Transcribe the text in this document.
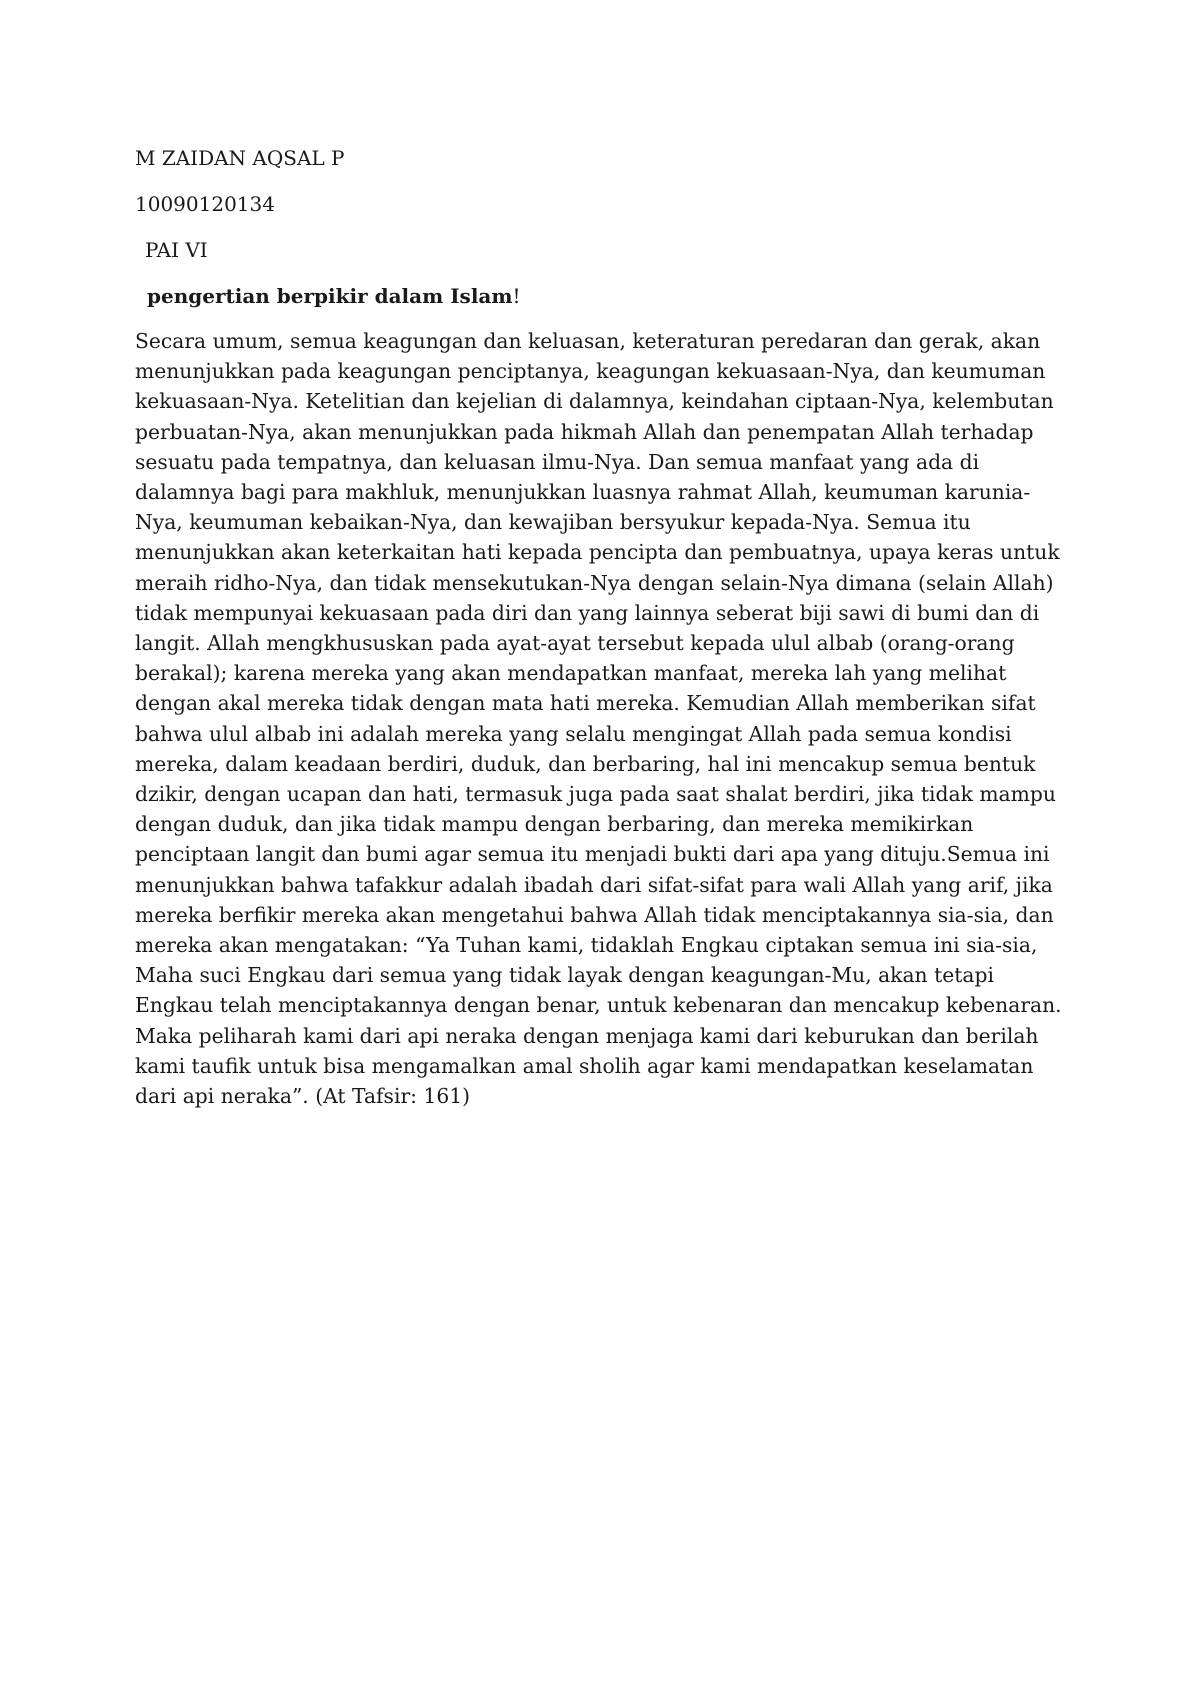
M ZAIDAN AQSAL P

10090120134

PAI VI

pengertian berpikir dalam Islam!

Secara umum, semua keagungan dan keluasan, keteraturan peredaran dan gerak, akan menunjukkan pada keagungan penciptanya, keagungan kekuasaan-Nya, dan keumuman kekuasaan-Nya. Ketelitian dan kejelian di dalamnya, keindahan ciptaan-Nya, kelembutan perbuatan-Nya, akan menunjukkan pada hikmah Allah dan penempatan Allah terhadap sesuatu pada tempatnya, dan keluasan ilmu-Nya. Dan semua manfaat yang ada di dalamnya bagi para makhluk, menunjukkan luasnya rahmat Allah, keumuman karunia-Nya, keumuman kebaikan-Nya, dan kewajiban bersyukur kepada-Nya. Semua itu menunjukkan akan keterkaitan hati kepada pencipta dan pembuatnya, upaya keras untuk meraih ridho-Nya, dan tidak mensekutukan-Nya dengan selain-Nya dimana (selain Allah) tidak mempunyai kekuasaan pada diri dan yang lainnya seberat biji sawi di bumi dan di langit. Allah mengkhususkan pada ayat-ayat tersebut kepada ulul albab (orang-orang berakal); karena mereka yang akan mendapatkan manfaat, mereka lah yang melihat dengan akal mereka tidak dengan mata hati mereka. Kemudian Allah memberikan sifat bahwa ulul albab ini adalah mereka yang selalu mengingat Allah pada semua kondisi mereka, dalam keadaan berdiri, duduk, dan berbaring, hal ini mencakup semua bentuk dzikir, dengan ucapan dan hati, termasuk juga pada saat shalat berdiri, jika tidak mampu dengan duduk, dan jika tidak mampu dengan berbaring, dan mereka memikirkan penciptaan langit dan bumi agar semua itu menjadi bukti dari apa yang dituju.Semua ini menunjukkan bahwa tafakkur adalah ibadah dari sifat-sifat para wali Allah yang arif, jika mereka berfikir mereka akan mengetahui bahwa Allah tidak menciptakannya sia-sia, dan mereka akan mengatakan: “Ya Tuhan kami, tidaklah Engkau ciptakan semua ini sia-sia, Maha suci Engkau dari semua yang tidak layak dengan keagungan-Mu, akan tetapi Engkau telah menciptakannya dengan benar, untuk kebenaran dan mencakup kebenaran. Maka peliharah kami dari api neraka dengan menjaga kami dari keburukan dan berilah kami taufik untuk bisa mengamalkan amal sholih agar kami mendapatkan keselamatan dari api neraka”. (At Tafsir: 161)
